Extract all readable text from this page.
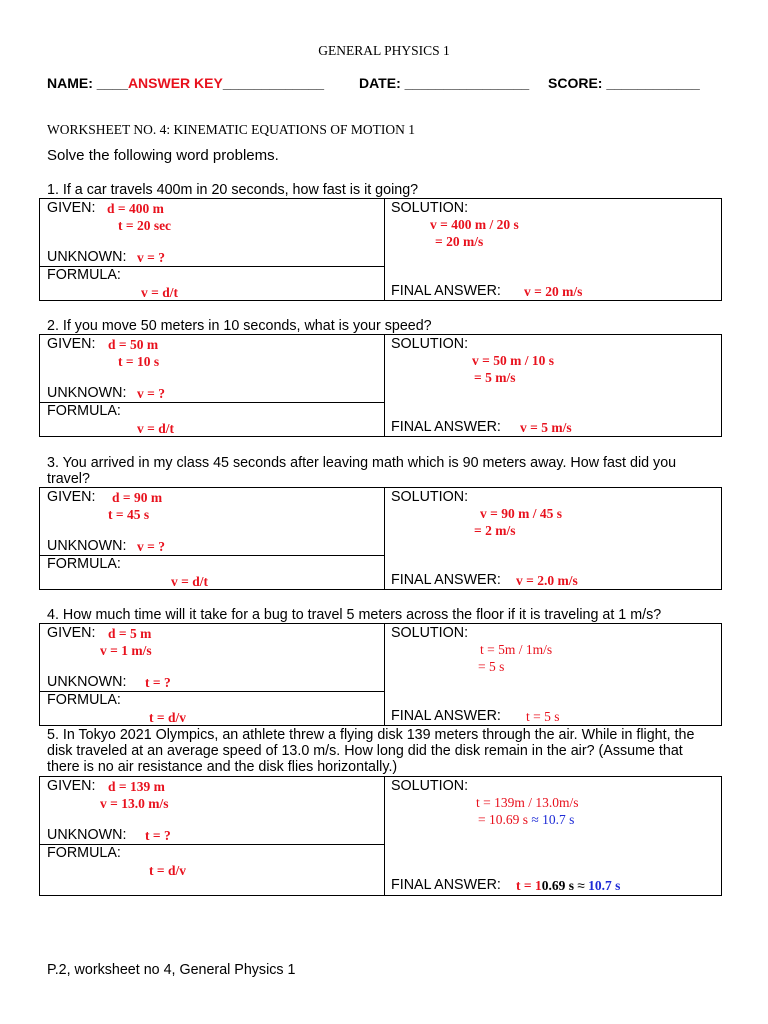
GENERAL PHYSICS 1
NAME: ____ANSWER KEY_____________ DATE: ________________ SCORE: ____________
WORKSHEET NO. 4: KINEMATIC EQUATIONS OF MOTION 1
Solve the following word problems.
1. If a car travels 400m in 20 seconds, how fast is it going?
GIVEN: d = 400 m
t = 20 sec
UNKNOWN: v = ?
FORMULA:
v = d/t
SOLUTION:
v = 400 m / 20 s
= 20 m/s
FINAL ANSWER: v = 20 m/s
2. If you move 50 meters in 10 seconds, what is your speed?
GIVEN: d = 50 m
t = 10 s
UNKNOWN: v = ?
FORMULA:
v = d/t
SOLUTION:
v = 50 m / 10 s
= 5 m/s
FINAL ANSWER: v = 5 m/s
3. You arrived in my class 45 seconds after leaving math which is 90 meters away. How fast did you travel?
GIVEN: d = 90 m
t = 45 s
UNKNOWN: v = ?
FORMULA:
v = d/t
SOLUTION:
v = 90 m / 45 s
= 2 m/s
FINAL ANSWER: v = 2.0 m/s
4. How much time will it take for a bug to travel 5 meters across the floor if it is traveling at 1 m/s?
GIVEN: d = 5 m
v = 1 m/s
UNKNOWN: t = ?
FORMULA:
t = d/v
SOLUTION:
t = 5m / 1m/s
= 5 s
FINAL ANSWER: t = 5 s
5. In Tokyo 2021 Olympics, an athlete threw a flying disk 139 meters through the air. While in flight, the disk traveled at an average speed of 13.0 m/s. How long did the disk remain in the air? (Assume that there is no air resistance and the disk flies horizontally.)
GIVEN: d = 139 m
v = 13.0 m/s
UNKNOWN: t = ?
FORMULA:
t = d/v
SOLUTION:
t = 139m / 13.0m/s
= 10.69 s ≈ 10.7 s
FINAL ANSWER: t = 10.69 s ≈ 10.7 s
P.2, worksheet no 4, General Physics 1
